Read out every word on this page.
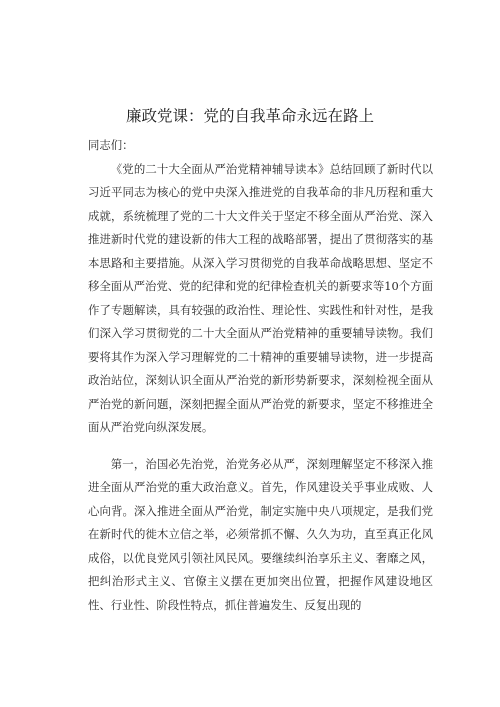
廉政党课：党的自我革命永远在路上

同志们：

《党的二十大全面从严治党精神辅导读本》总结回顾了新时代以习近平同志为核心的党中央深入推进党的自我革命的非凡历程和重大成就，系统梳理了党的二十大文件关于坚定不移全面从严治党、深入推进新时代党的建设新的伟大工程的战略部署，提出了贯彻落实的基本思路和主要措施。从深入学习贯彻党的自我革命战略思想、坚定不移全面从严治党、党的纪律和党的纪律检查机关的新要求等10个方面作了专题解读，具有较强的政治性、理论性、实践性和针对性，是我们深入学习贯彻党的二十大全面从严治党精神的重要辅导读物。我们要将其作为深入学习理解党的二十精神的重要辅导读物，进一步提高政治站位，深刻认识全面从严治党的新形势新要求，深刻检视全面从严治党的新问题，深刻把握全面从严治党的新要求，坚定不移推进全面从严治党向纵深发展。

第一，治国必先治党，治党务必从严，深刻理解坚定不移深入推进全面从严治党的重大政治意义。首先，作风建设关乎事业成败、人心向背。深入推进全面从严治党，制定实施中央八项规定，是我们党在新时代的徙木立信之举，必须常抓不懈、久久为功，直至真正化风成俗，以优良党风引领社风民风。要继续纠治享乐主义、奢靡之风，把纠治形式主义、官僚主义摆在更加突出位置，把握作风建设地区性、行业性、阶段性特点，抓住普遍发生、反复出现的
